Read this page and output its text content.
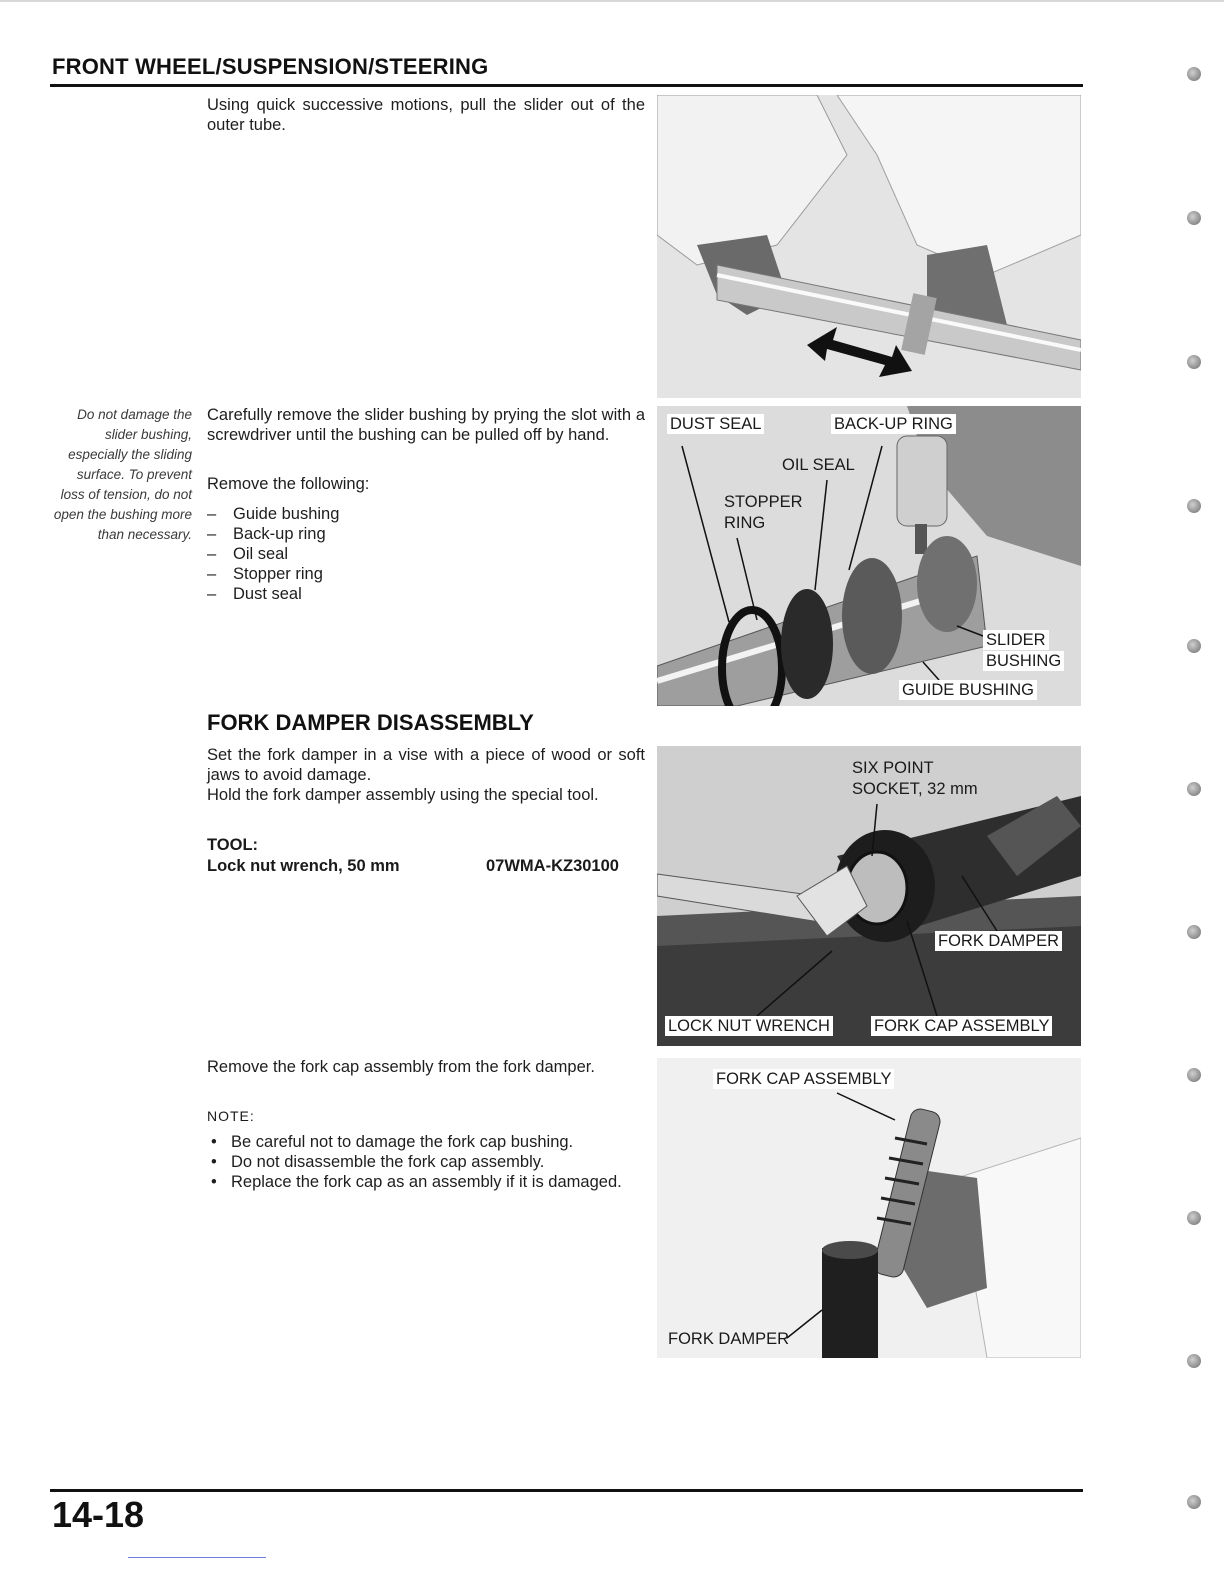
FRONT WHEEL/SUSPENSION/STEERING
Using quick successive motions, pull the slider out of the outer tube.
Do not damage the slider bushing, especially the sliding surface. To prevent loss of tension, do not open the bushing more than necessary.
Carefully remove the slider bushing by prying the slot with a screwdriver until the bushing can be pulled off by hand.
Remove the following:
– Guide bushing
– Back-up ring
– Oil seal
– Stopper ring
– Dust seal
DUST SEAL	BACK-UP RING
OIL SEAL
STOPPER
RING
SLIDER
BUSHING
GUIDE BUSHING
FORK DAMPER DISASSEMBLY
Set the fork damper in a vise with a piece of wood or soft jaws to avoid damage.
Hold the fork damper assembly using the special tool.
TOOL:
Lock nut wrench, 50 mm	07WMA-KZ30100
SIX POINT
SOCKET, 32 mm
FORK DAMPER
LOCK NUT WRENCH	FORK CAP ASSEMBLY
Remove the fork cap assembly from the fork damper.
NOTE:
• Be careful not to damage the fork cap bushing.
• Do not disassemble the fork cap assembly.
• Replace the fork cap as an assembly if it is damaged.
FORK CAP ASSEMBLY
FORK DAMPER
14-18
